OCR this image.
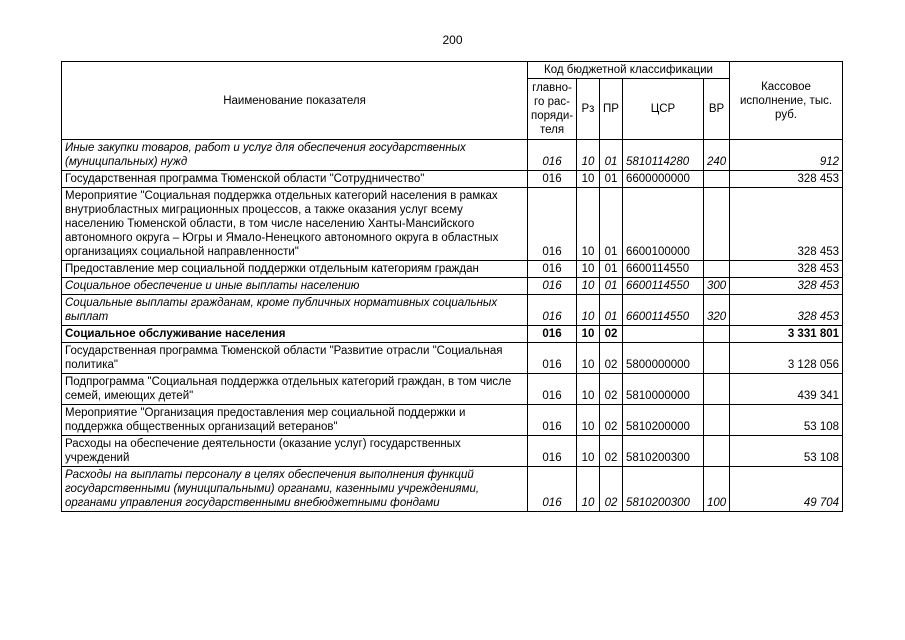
200
Наименование показателя	Код бюджетной классификации					Кассовое исполнение, тыс. руб.
	главно-го рас-поряди-теля	Рз	ПР	ЦСР	ВР	
Иные закупки товаров, работ и услуг для обеспечения государственных (муниципальных) нужд	016	10	01	5810114280	240	912
Государственная программа Тюменской области "Сотрудничество"	016	10	01	6600000000		328 453
Мероприятие "Социальная поддержка отдельных категорий населения в рамках внутриобластных миграционных процессов, а также оказания услуг всему населению Тюменской области, в том числе населению Ханты-Мансийского автономного округа – Югры и Ямало-Ненецкого автономного округа в областных организациях социальной направленности"	016	10	01	6600100000		328 453
Предоставление мер социальной поддержки отдельным категориям граждан	016	10	01	6600114550		328 453
Социальное обеспечение и иные выплаты населению	016	10	01	6600114550	300	328 453
Социальные выплаты гражданам, кроме публичных нормативных социальных выплат	016	10	01	6600114550	320	328 453
Социальное обслуживание населения	016	10	02			3 331 801
Государственная программа Тюменской области "Развитие отрасли "Социальная политика"	016	10	02	5800000000		3 128 056
Подпрограмма "Социальная поддержка отдельных категорий граждан, в том числе семей, имеющих детей"	016	10	02	5810000000		439 341
Мероприятие "Организация предоставления мер социальной поддержки и поддержка общественных организаций ветеранов"	016	10	02	5810200000		53 108
Расходы на обеспечение деятельности (оказание услуг) государственных учреждений	016	10	02	5810200300		53 108
Расходы на выплаты персоналу в целях обеспечения выполнения функций государственными (муниципальными) органами, казенными учреждениями, органами управления государственными внебюджетными фондами	016	10	02	5810200300	100	49 704
